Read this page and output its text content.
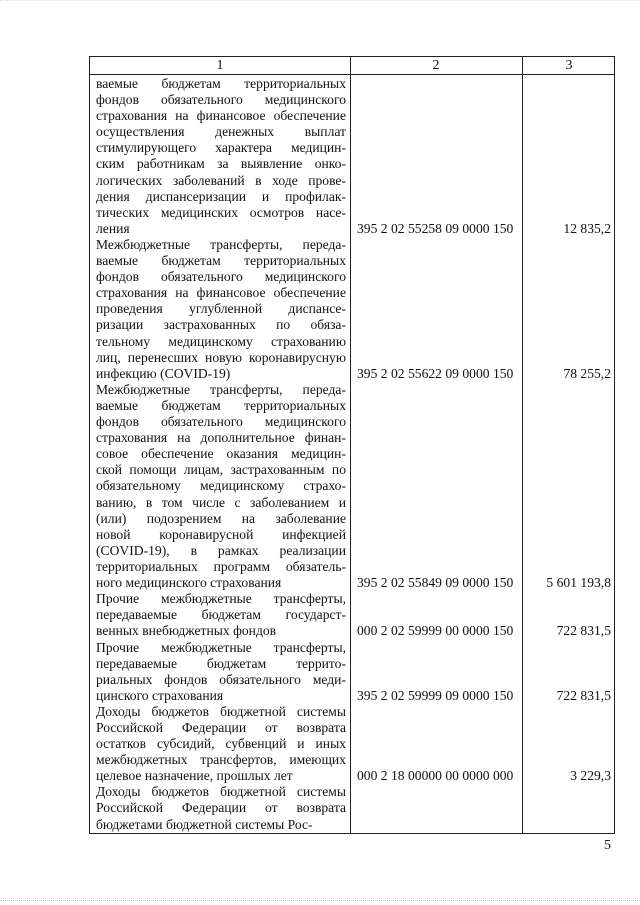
1	2	3
ваемые бюджетам территориальных
фондов обязательного медицинского
страхования на финансовое обеспечение
осуществления денежных выплат
стимулирующего характера медицин-
ским работникам за выявление онко-
логических заболеваний в ходе прове-
дения диспансеризации и профилак-
тических медицинских осмотров насе-
ления	395 2 02 55258 09 0000 150	12 835,2
Межбюджетные трансферты, переда-
ваемые бюджетам территориальных
фондов обязательного медицинского
страхования на финансовое обеспечение
проведения углубленной диспансе-
ризации застрахованных по обяза-
тельному медицинскому страхованию
лиц, перенесших новую коронавирусную
инфекцию (COVID-19)	395 2 02 55622 09 0000 150	78 255,2
Межбюджетные трансферты, переда-
ваемые бюджетам территориальных
фондов обязательного медицинского
страхования на дополнительное финан-
совое обеспечение оказания медицин-
ской помощи лицам, застрахованным по
обязательному медицинскому страхо-
ванию, в том числе с заболеванием и
(или) подозрением на заболевание
новой коронавирусной инфекцией
(COVID-19), в рамках реализации
территориальных программ обязатель-
ного медицинского страхования	395 2 02 55849 09 0000 150	5 601 193,8
Прочие межбюджетные трансферты,
передаваемые бюджетам государст-
венных внебюджетных фондов	000 2 02 59999 00 0000 150	722 831,5
Прочие межбюджетные трансферты,
передаваемые бюджетам террито-
риальных фондов обязательного меди-
цинского страхования	395 2 02 59999 09 0000 150	722 831,5
Доходы бюджетов бюджетной системы
Российской Федерации от возврата
остатков субсидий, субвенций и иных
межбюджетных трансфертов, имеющих
целевое назначение, прошлых лет	000 2 18 00000 00 0000 000	3 229,3
Доходы бюджетов бюджетной системы
Российской Федерации от возврата
бюджетами бюджетной системы Рос-
5
